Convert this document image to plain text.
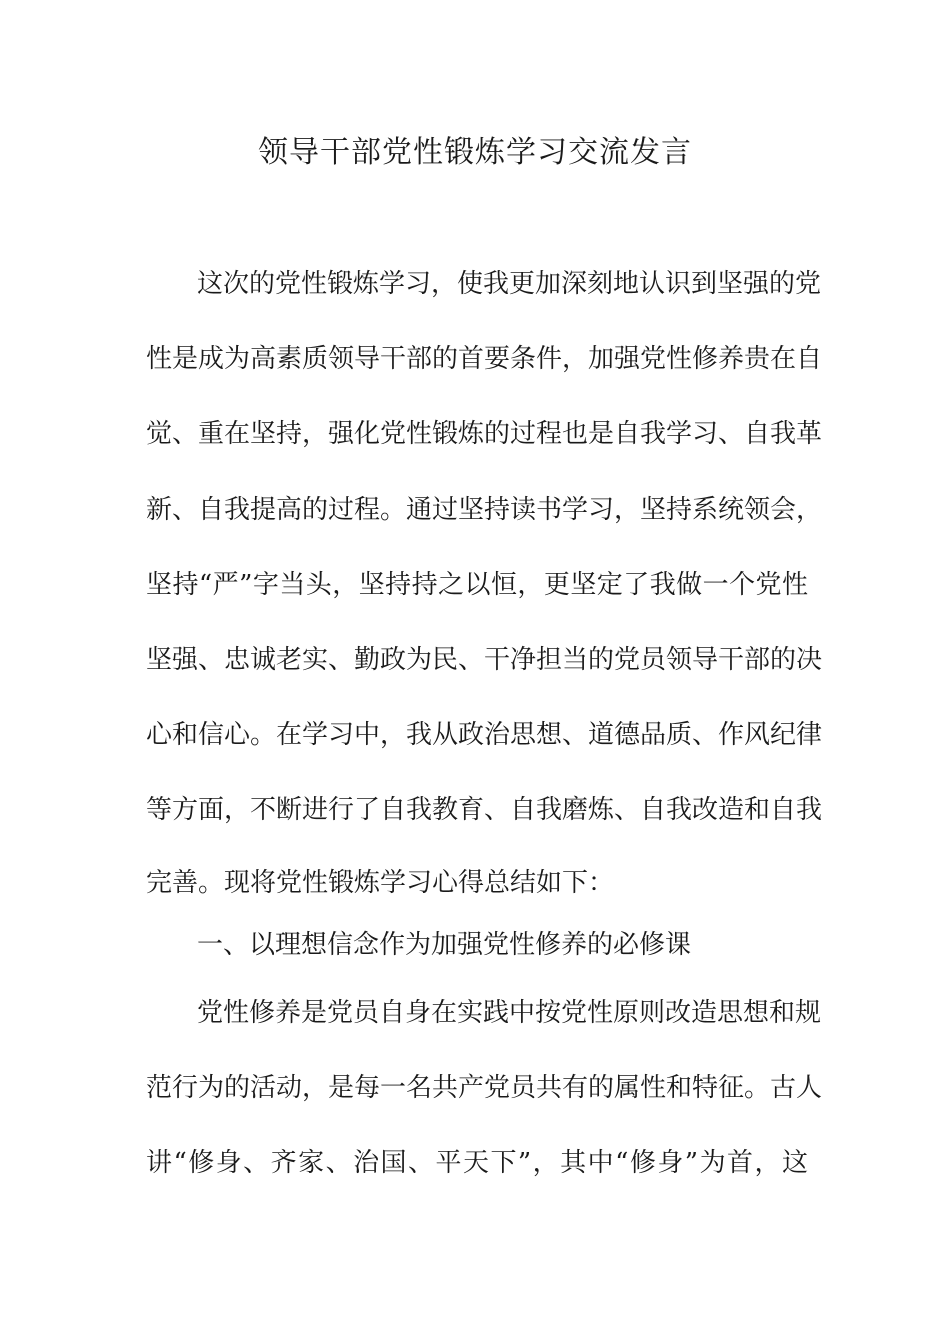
领导干部党性锻炼学习交流发言

这次的党性锻炼学习，使我更加深刻地认识到坚强的党

性是成为高素质领导干部的首要条件，加强党性修养贵在自

觉、重在坚持，强化党性锻炼的过程也是自我学习、自我革

新、自我提高的过程。通过坚持读书学习，坚持系统领会，

坚持“严”字当头，坚持持之以恒，更坚定了我做一个党性

坚强、忠诚老实、勤政为民、干净担当的党员领导干部的决

心和信心。在学习中，我从政治思想、道德品质、作风纪律

等方面，不断进行了自我教育、自我磨炼、自我改造和自我

完善。现将党性锻炼学习心得总结如下：

一、以理想信念作为加强党性修养的必修课

党性修养是党员自身在实践中按党性原则改造思想和规

范行为的活动，是每一名共产党员共有的属性和特征。古人

讲“修身、齐家、治国、平天下”，其中“修身”为首，这
